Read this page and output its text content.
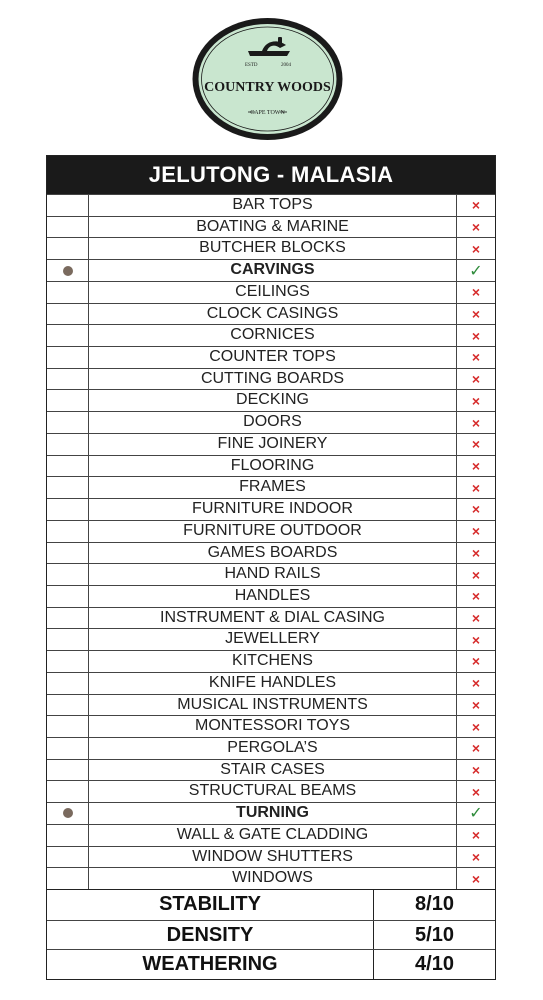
ESTD	2004
COUNTRY WOODS
CAPE TOWN
JELUTONG - MALASIA
BAR TOPS	×
BOATING & MARINE	×
BUTCHER BLOCKS	×
CARVINGS	✓
CEILINGS	×
CLOCK CASINGS	×
CORNICES	×
COUNTER TOPS	×
CUTTING BOARDS	×
DECKING	×
DOORS	×
FINE JOINERY	×
FLOORING	×
FRAMES	×
FURNITURE INDOOR	×
FURNITURE OUTDOOR	×
GAMES BOARDS	×
HAND RAILS	×
HANDLES	×
INSTRUMENT & DIAL CASING	×
JEWELLERY	×
KITCHENS	×
KNIFE HANDLES	×
MUSICAL INSTRUMENTS	×
MONTESSORI TOYS	×
PERGOLA’S	×
STAIR CASES	×
STRUCTURAL BEAMS	×
TURNING	✓
WALL & GATE CLADDING	×
WINDOW SHUTTERS	×
WINDOWS	×
STABILITY	8/10
DENSITY	5/10
WEATHERING	4/10
